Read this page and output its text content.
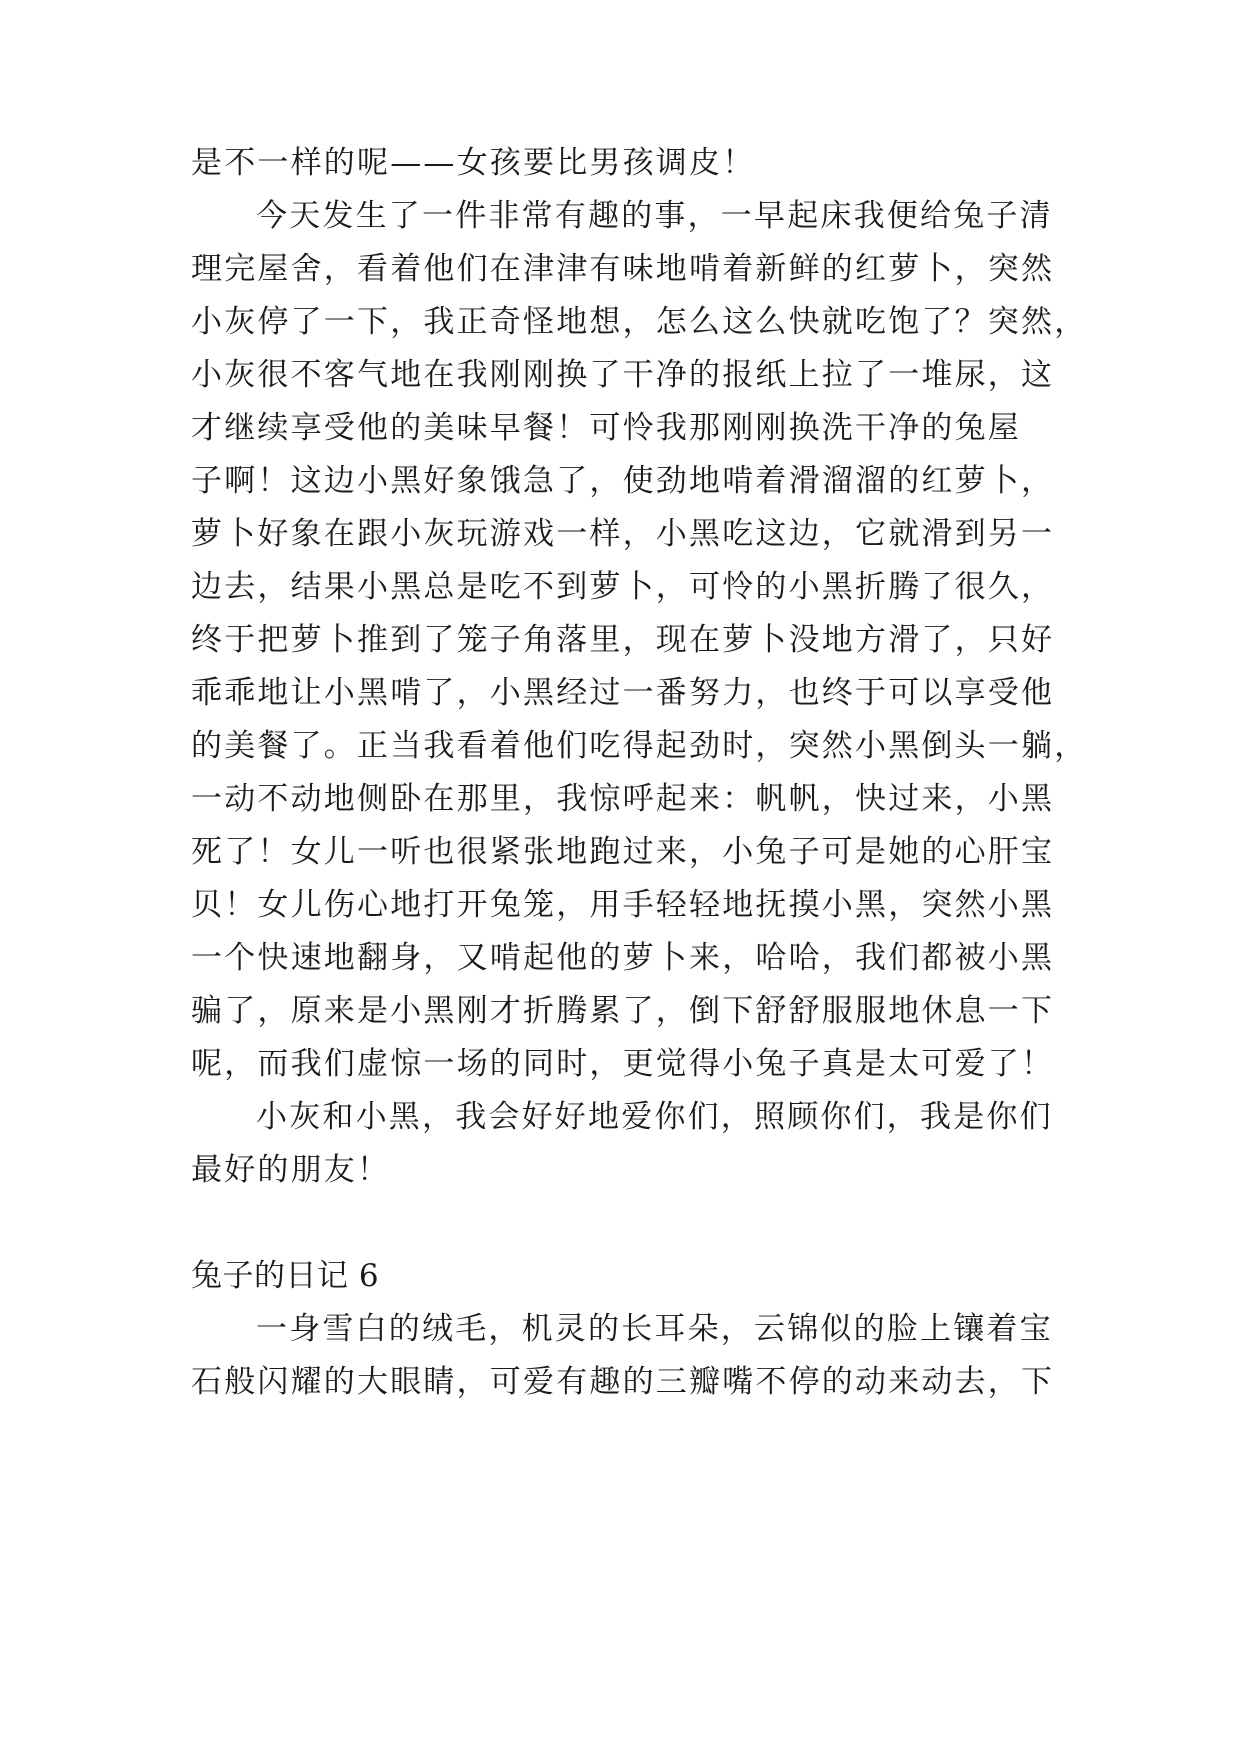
是不一样的呢——女孩要比男孩调皮！
今天发生了一件非常有趣的事，一早起床我便给兔子清
理完屋舍，看着他们在津津有味地啃着新鲜的红萝卜，突然
小灰停了一下，我正奇怪地想，怎么这么快就吃饱了？突然，
小灰很不客气地在我刚刚换了干净的报纸上拉了一堆尿，这
才继续享受他的美味早餐！可怜我那刚刚换洗干净的兔屋
子啊！这边小黑好象饿急了，使劲地啃着滑溜溜的红萝卜，
萝卜好象在跟小灰玩游戏一样，小黑吃这边，它就滑到另一
边去，结果小黑总是吃不到萝卜，可怜的小黑折腾了很久，
终于把萝卜推到了笼子角落里，现在萝卜没地方滑了，只好
乖乖地让小黑啃了，小黑经过一番努力，也终于可以享受他
的美餐了。正当我看着他们吃得起劲时，突然小黑倒头一躺，
一动不动地侧卧在那里，我惊呼起来：帆帆，快过来，小黑
死了！女儿一听也很紧张地跑过来，小兔子可是她的心肝宝
贝！女儿伤心地打开兔笼，用手轻轻地抚摸小黑，突然小黑
一个快速地翻身，又啃起他的萝卜来，哈哈，我们都被小黑
骗了，原来是小黑刚才折腾累了，倒下舒舒服服地休息一下
呢，而我们虚惊一场的同时，更觉得小兔子真是太可爱了！
小灰和小黑，我会好好地爱你们，照顾你们，我是你们
最好的朋友！
兔子的日记 6
一身雪白的绒毛，机灵的长耳朵，云锦似的脸上镶着宝
石般闪耀的大眼睛，可爱有趣的三瓣嘴不停的动来动去，下
